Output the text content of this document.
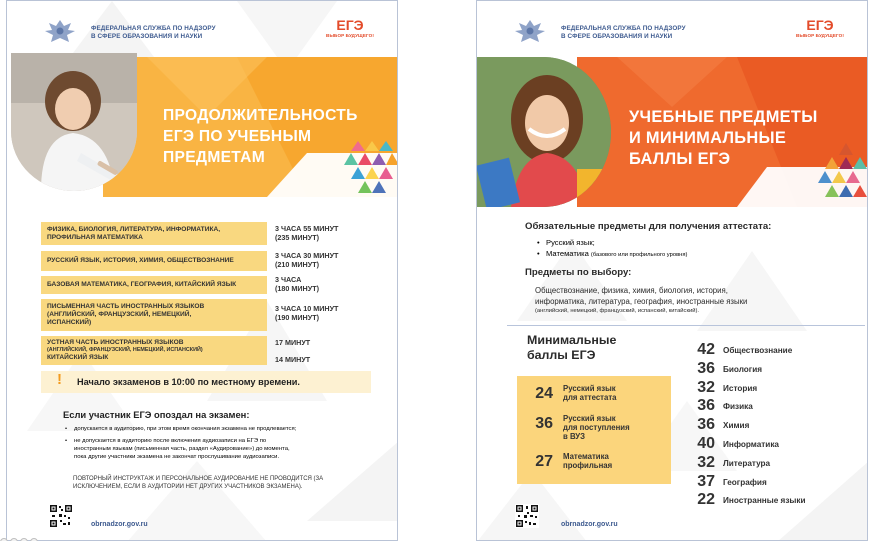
ФЕДЕРАЛЬНАЯ СЛУЖБА ПО НАДЗОРУ
В СФЕРЕ ОБРАЗОВАНИЯ И НАУКИ
ЕГЭ
ВЫБОР БУДУЩЕГО!
ПРОДОЛЖИТЕЛЬНОСТЬ
ЕГЭ ПО УЧЕБНЫМ
ПРЕДМЕТАМ
ФИЗИКА, БИОЛОГИЯ, ЛИТЕРАТУРА, ИНФОРМАТИКА,
ПРОФИЛЬНАЯ МАТЕМАТИКА
3 ЧАСА 55 МИНУТ
(235 МИНУТ)
РУССКИЙ ЯЗЫК, ИСТОРИЯ, ХИМИЯ, ОБЩЕСТВОЗНАНИЕ
3 ЧАСА 30 МИНУТ
(210 МИНУТ)
БАЗОВАЯ МАТЕМАТИКА, ГЕОГРАФИЯ, КИТАЙСКИЙ ЯЗЫК
3 ЧАСА
(180 МИНУТ)
ПИСЬМЕННАЯ ЧАСТЬ ИНОСТРАННЫХ ЯЗЫКОВ
(АНГЛИЙСКИЙ, ФРАНЦУЗСКИЙ, НЕМЕЦКИЙ,
ИСПАНСКИЙ)
3 ЧАСА 10 МИНУТ
(190 МИНУТ)
УСТНАЯ ЧАСТЬ ИНОСТРАННЫХ ЯЗЫКОВ
(АНГЛИЙСКИЙ, ФРАНЦУЗСКИЙ, НЕМЕЦКИЙ, ИСПАНСКИЙ)
КИТАЙСКИЙ ЯЗЫК
17 МИНУТ
14 МИНУТ
! Начало экзаменов в 10:00 по местному времени.
Если участник ЕГЭ опоздал на экзамен:
• допускается в аудиторию, при этом время окончания экзамена не продлевается;
• не допускается в аудиторию после включения аудиозаписи на ЕГЭ по
иностранным языкам (письменная часть, раздел «Аудирование») до момента,
пока другие участники экзамена не закончат прослушивание аудиозаписи.
ПОВТОРНЫЙ ИНСТРУКТАЖ И ПЕРСОНАЛЬНОЕ АУДИРОВАНИЕ НЕ ПРОВОДИТСЯ (ЗА
ИСКЛЮЧЕНИЕМ, ЕСЛИ В АУДИТОРИИ НЕТ ДРУГИХ УЧАСТНИКОВ ЭКЗАМЕНА).
obrnadzor.gov.ru
ФЕДЕРАЛЬНАЯ СЛУЖБА ПО НАДЗОРУ
В СФЕРЕ ОБРАЗОВАНИЯ И НАУКИ
ЕГЭ
ВЫБОР БУДУЩЕГО!
УЧЕБНЫЕ ПРЕДМЕТЫ
И МИНИМАЛЬНЫЕ
БАЛЛЫ ЕГЭ
Обязательные предметы для получения аттестата:
• Русский язык;
• Математика (базового или профильного уровня)
Предметы по выбору:
Обществознание, физика, химия, биология, история,
информатика, литература, география, иностранные языки
(английский, немецкий, французский, испанский, китайский).
Минимальные
баллы ЕГЭ
24 Русский язык
для аттестата
36 Русский язык
для поступления
в ВУЗ
27 Математика
профильная
42 Обществознание
36 Биология
32 История
36 Физика
36 Химия
40 Информатика
32 Литература
37 География
22 Иностранные языки
obrnadzor.gov.ru
